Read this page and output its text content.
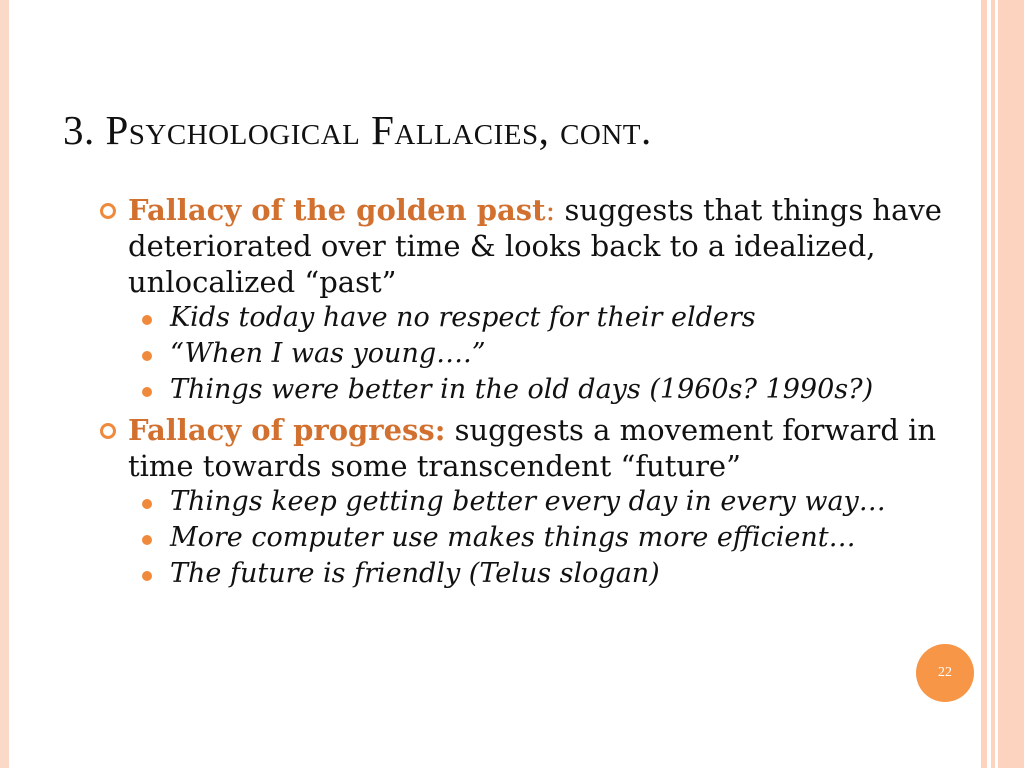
3. Psychological Fallacies, cont.
Fallacy of the golden past: suggests that things have deteriorated over time & looks back to a idealized, unlocalized “past”
Kids today have no respect for their elders
“When I was young….”
Things were better in the old days (1960s? 1990s?)
Fallacy of progress: suggests a movement forward in time towards some transcendent “future”
Things keep getting better every day in every way…
More computer use makes things more efficient…
The future is friendly (Telus slogan)
22
